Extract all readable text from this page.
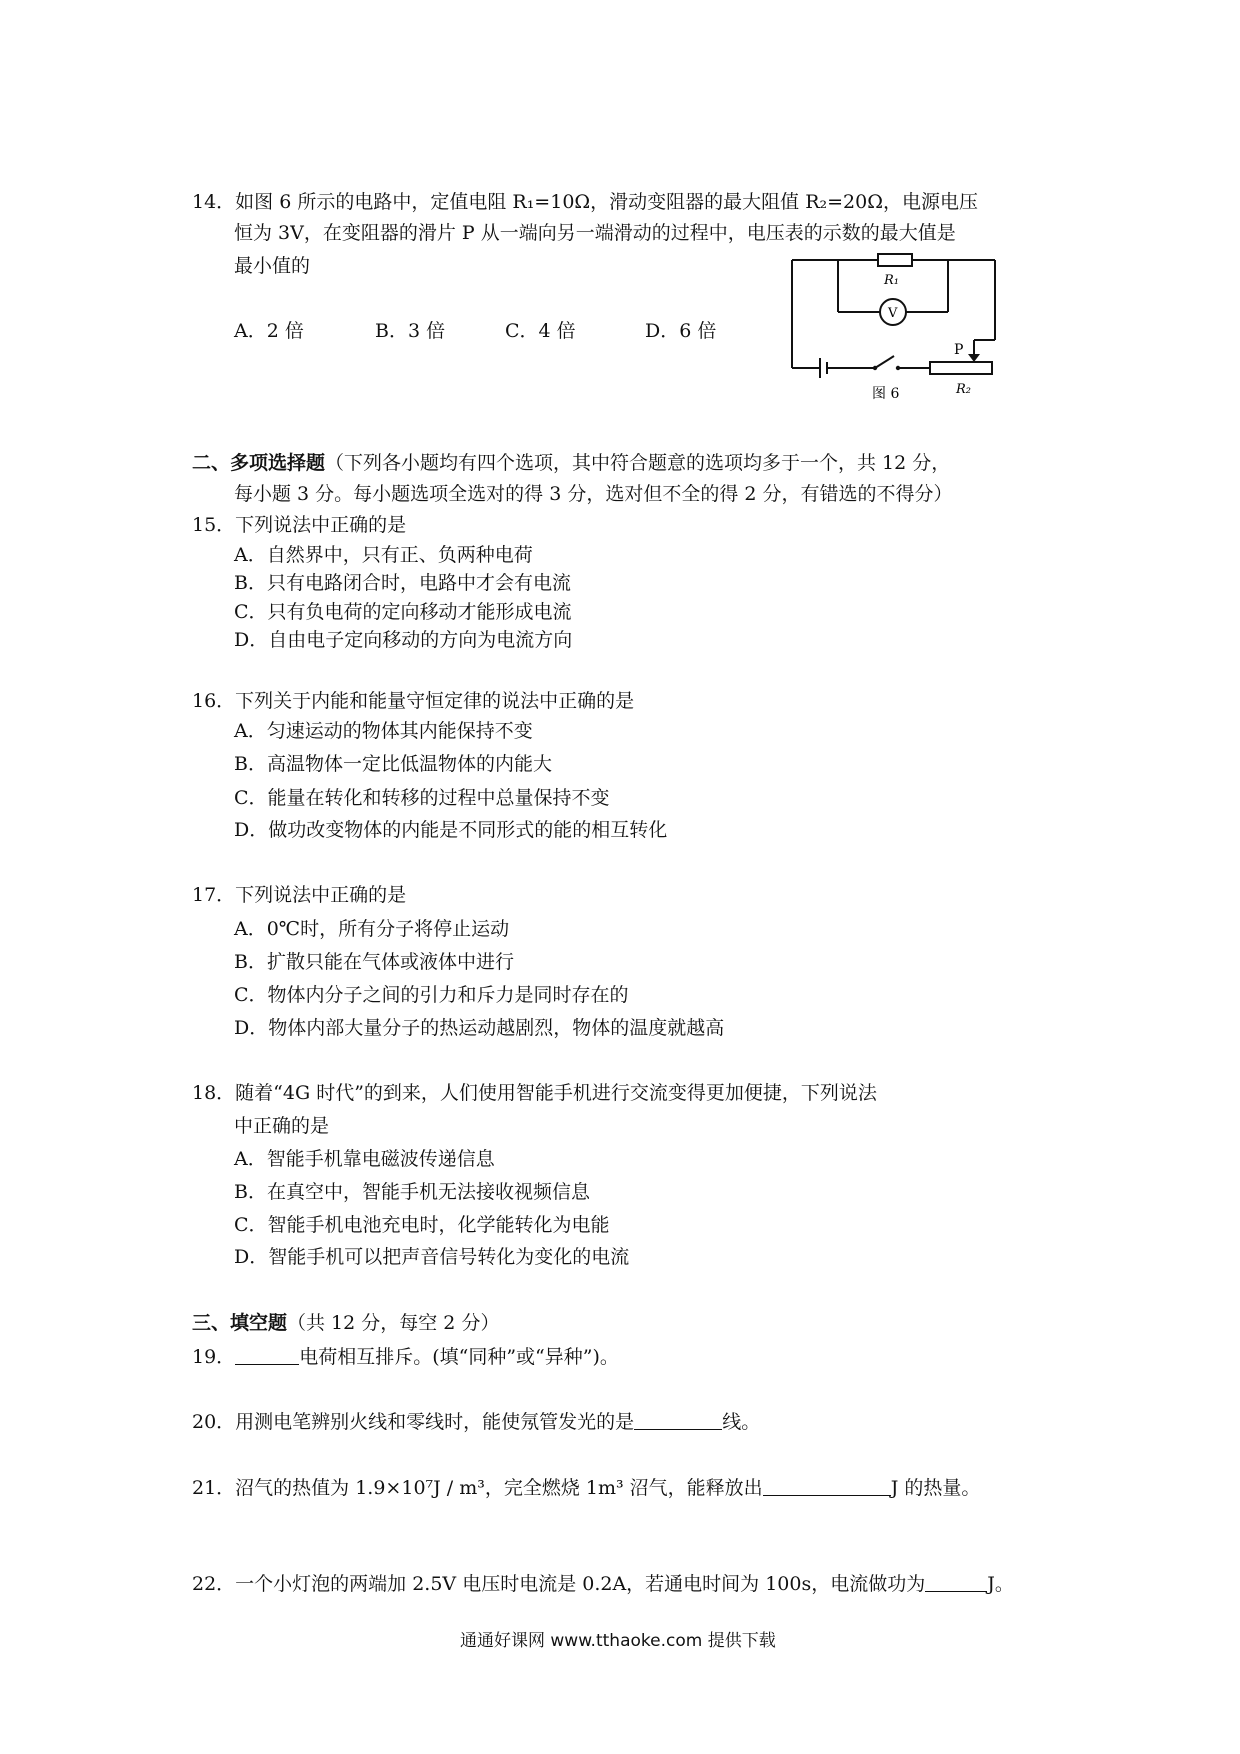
14．如图 6 所示的电路中，定值电阻 R₁=10Ω，滑动变阻器的最大阻值 R₂=20Ω，电源电压
恒为 3V，在变阻器的滑片 P 从一端向另一端滑动的过程中，电压表的示数的最大值是
最小值的
A．2 倍	B．3 倍	C．4 倍	D．6 倍
R₁
V
P
R₂
图 6
二、多项选择题（下列各小题均有四个选项，其中符合题意的选项均多于一个，共 12 分，
每小题 3 分。每小题选项全选对的得 3 分，选对但不全的得 2 分，有错选的不得分）
15．下列说法中正确的是
A．自然界中，只有正、负两种电荷
B．只有电路闭合时，电路中才会有电流
C．只有负电荷的定向移动才能形成电流
D．自由电子定向移动的方向为电流方向
16．下列关于内能和能量守恒定律的说法中正确的是
A．匀速运动的物体其内能保持不变
B．高温物体一定比低温物体的内能大
C．能量在转化和转移的过程中总量保持不变
D．做功改变物体的内能是不同形式的能的相互转化
17．下列说法中正确的是
A．0℃时，所有分子将停止运动
B．扩散只能在气体或液体中进行
C．物体内分子之间的引力和斥力是同时存在的
D．物体内部大量分子的热运动越剧烈，物体的温度就越高
18．随着“4G 时代”的到来，人们使用智能手机进行交流变得更加便捷，下列说法
中正确的是
A．智能手机靠电磁波传递信息
B．在真空中，智能手机无法接收视频信息
C．智能手机电池充电时，化学能转化为电能
D．智能手机可以把声音信号转化为变化的电流
三、填空题（共 12 分，每空 2 分）
19．	电荷相互排斥。(填“同种”或“异种”)。
20．用测电笔辨别火线和零线时，能使氖管发光的是	线。
21．沼气的热值为 1.9×10⁷J / m³，完全燃烧 1m³ 沼气，能释放出	J 的热量。
22．一个小灯泡的两端加 2.5V 电压时电流是 0.2A，若通电时间为 100s，电流做功为	J。
通通好课网 www.tthaoke.com 提供下载
